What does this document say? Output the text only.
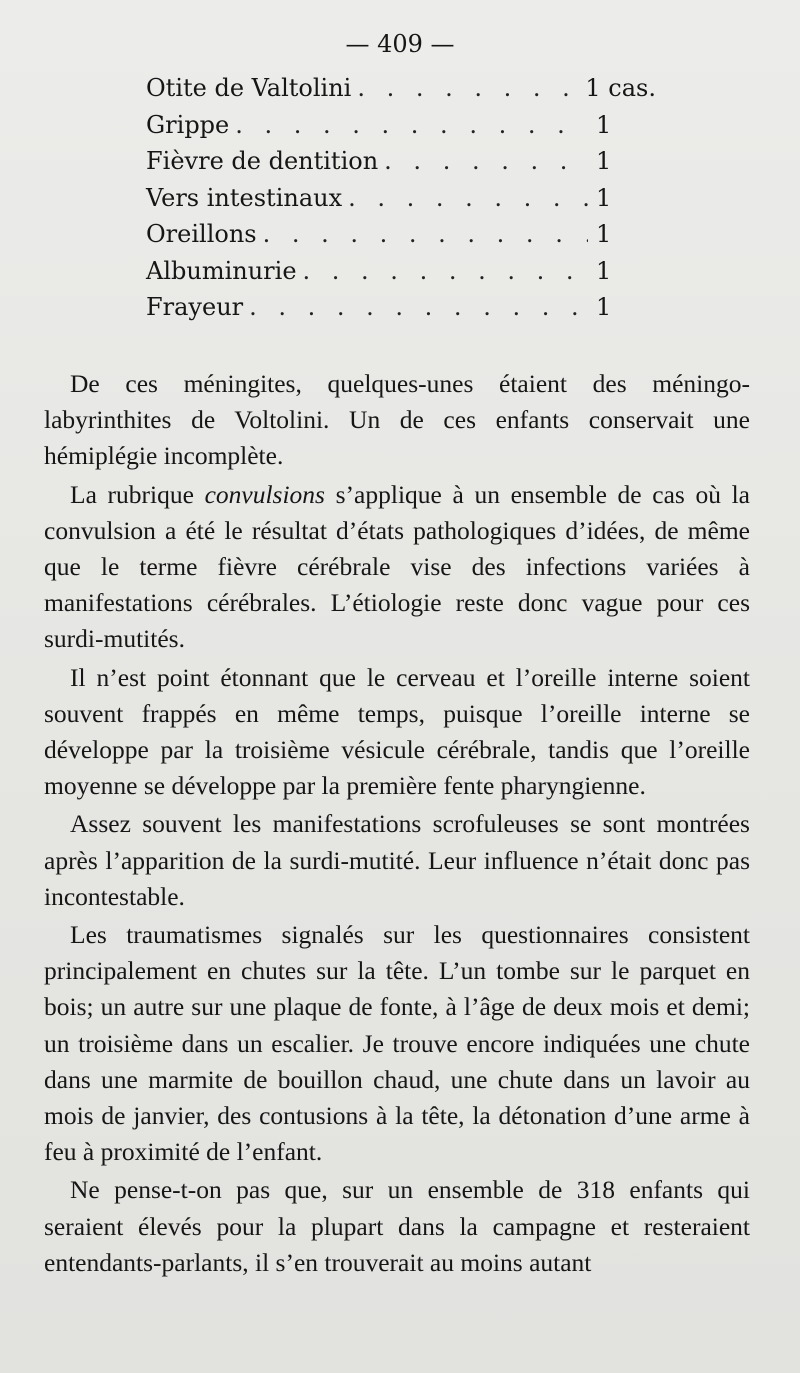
— 409 —
Otite de Valtolini . . .	1 cas.
Grippe . . .	1
Fièvre de dentition . . .	1
Vers intestinaux . . .	1
Oreillons . . .	1
Albuminurie . . .	1
Frayeur . . .	1

De ces méningites, quelques-unes étaient des méningo-labyrinthites de Voltolini. Un de ces enfants conservait une hémiplégie incomplète.

La rubrique convulsions s’applique à un ensemble de cas où la convulsion a été le résultat d’états pathologiques d’idées, de même que le terme fièvre cérébrale vise des infections variées à manifestations cérébrales. L’étiologie reste donc vague pour ces surdi-mutités.

Il n’est point étonnant que le cerveau et l’oreille interne soient souvent frappés en même temps, puisque l’oreille interne se développe par la troisième vésicule cérébrale, tandis que l’oreille moyenne se développe par la première fente pharyngienne.

Assez souvent les manifestations scrofuleuses se sont montrées après l’apparition de la surdi-mutité. Leur influence n’était donc pas incontestable.

Les traumatismes signalés sur les questionnaires consistent principalement en chutes sur la tête. L’un tombe sur le parquet en bois; un autre sur une plaque de fonte, à l’âge de deux mois et demi; un troisième dans un escalier. Je trouve encore indiquées une chute dans une marmite de bouillon chaud, une chute dans un lavoir au mois de janvier, des contusions à la tête, la détonation d’une arme à feu à proximité de l’enfant.

Ne pense-t-on pas que, sur un ensemble de 318 enfants qui seraient élevés pour la plupart dans la campagne et resteraient entendants-parlants, il s’en trouverait au moins autant
